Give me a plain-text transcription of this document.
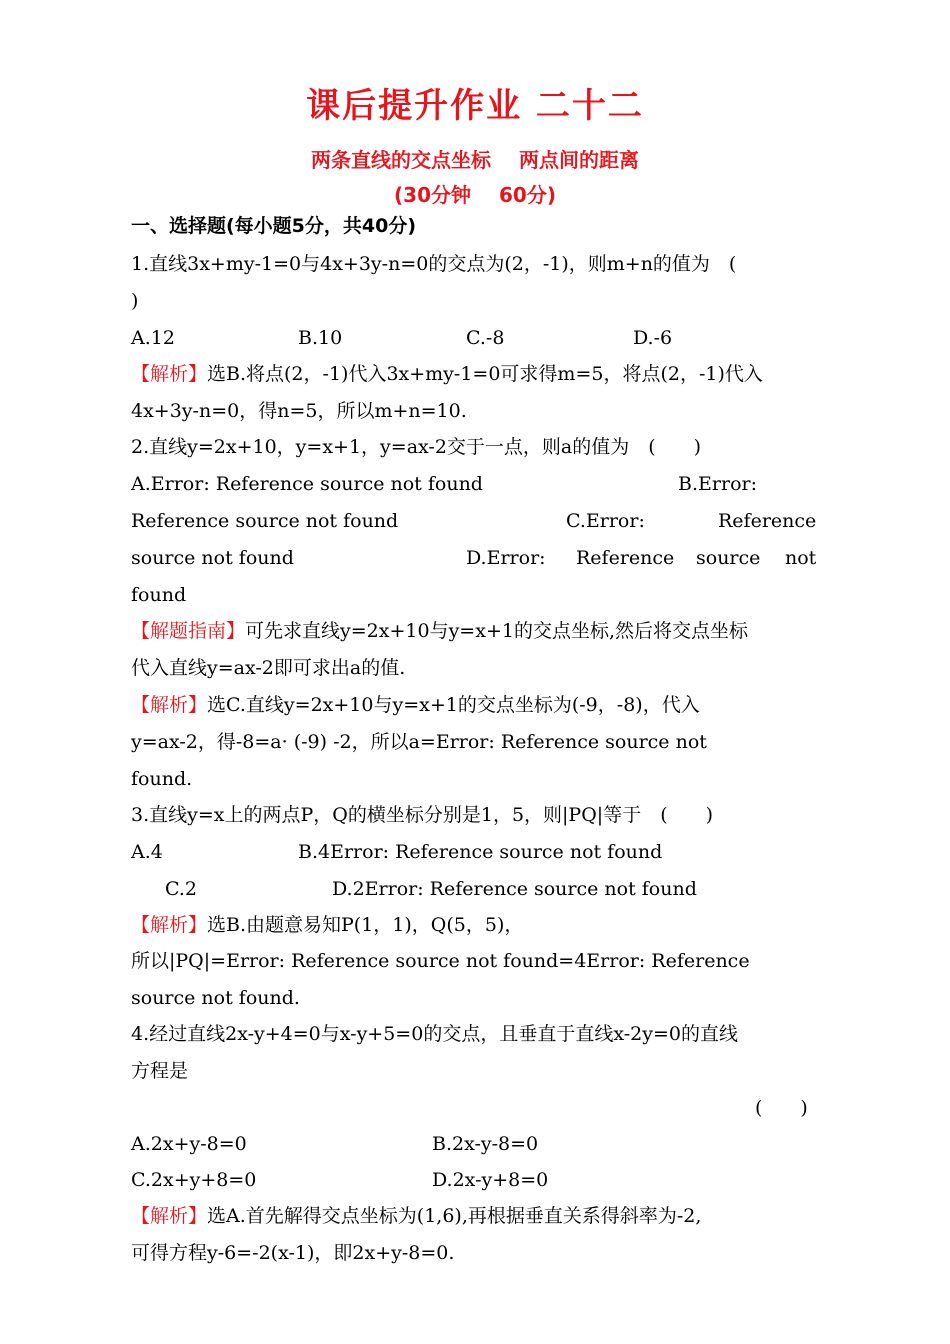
课后提升作业 二十二
两条直线的交点坐标 两点间的距离
(30分钟 60分)
一、选择题(每小题5分，共40分)
1.直线3x+my-1=0与4x+3y-n=0的交点为(2，-1)，则m+n的值为　(
)
A.12	B.10	C.-8	D.-6
【解析】选B.将点(2，-1)代入3x+my-1=0可求得m=5，将点(2，-1)代入
4x+3y-n=0，得n=5，所以m+n=10.
2.直线y=2x+10，y=x+1，y=ax-2交于一点，则a的值为　(　　)
A.Error: Reference source not found	B.Error:
Reference source not found	C.Error:	Reference
source not found	D.Error: Reference source not
found
【解题指南】可先求直线y=2x+10与y=x+1的交点坐标,然后将交点坐标
代入直线y=ax-2即可求出a的值.
【解析】选C.直线y=2x+10与y=x+1的交点坐标为(-9，-8)，代入
y=ax-2，得-8=a· (-9) -2，所以a=Error: Reference source not
found.
3.直线y=x上的两点P，Q的横坐标分别是1，5，则|PQ|等于　(　　)
A.4	B.4Error: Reference source not found
C.2	D.2Error: Reference source not found
【解析】选B.由题意易知P(1，1)，Q(5，5)，
所以|PQ|=Error: Reference source not found=4Error: Reference
source not found.
4.经过直线2x-y+4=0与x-y+5=0的交点，且垂直于直线x-2y=0的直线
方程是
(　　)
A.2x+y-8=0	B.2x-y-8=0
C.2x+y+8=0	D.2x-y+8=0
【解析】选A.首先解得交点坐标为(1,6),再根据垂直关系得斜率为-2,
可得方程y-6=-2(x-1)，即2x+y-8=0.
